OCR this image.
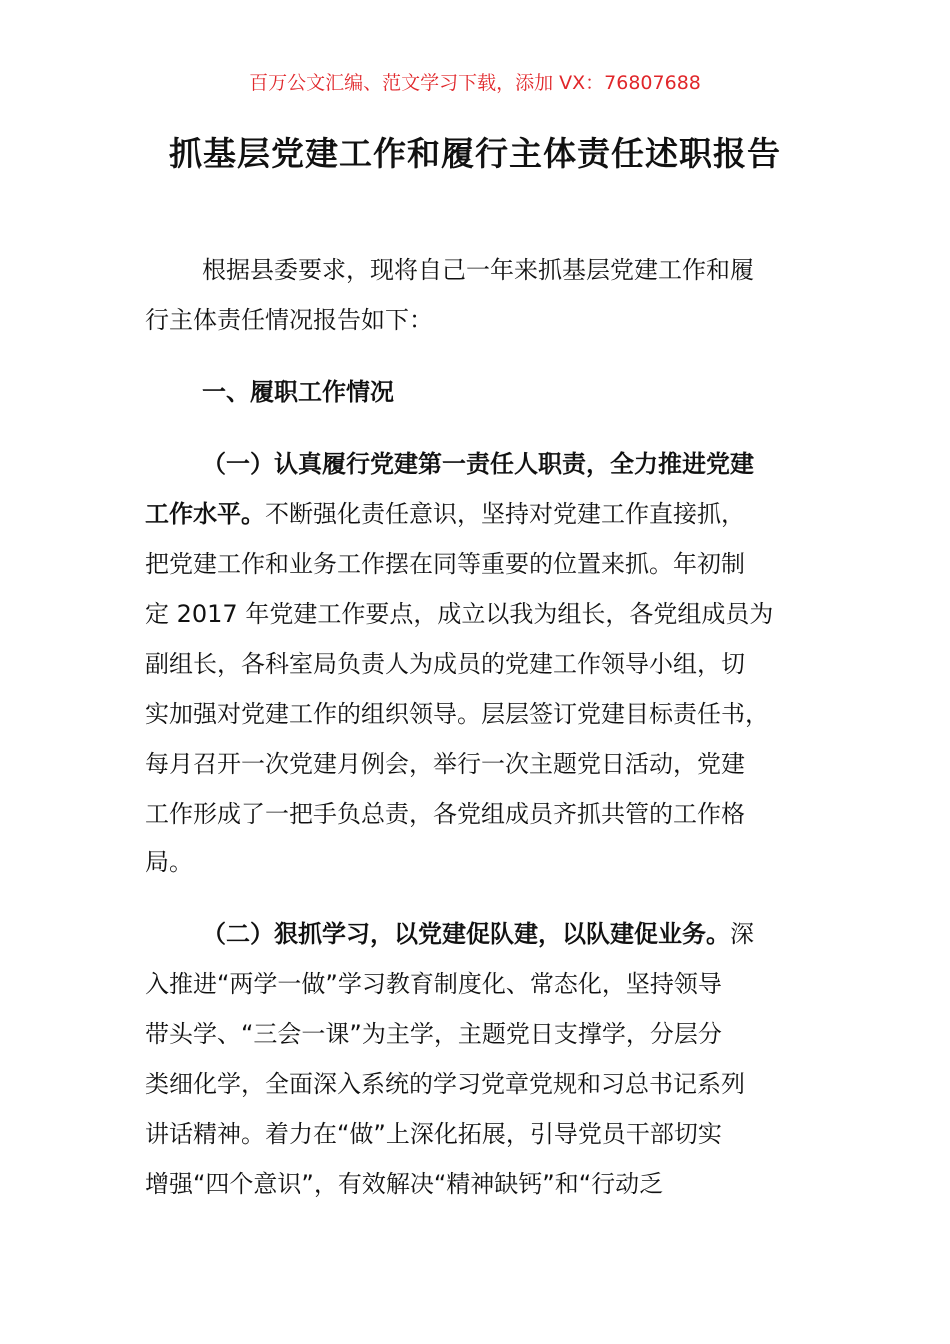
百万公文汇编、范文学习下载，添加 VX：76807688
抓基层党建工作和履行主体责任述职报告
根据县委要求，现将自己一年来抓基层党建工作和履
行主体责任情况报告如下：
一、履职工作情况
（一）认真履行党建第一责任人职责，全力推进党建
工作水平。不断强化责任意识，坚持对党建工作直接抓，
把党建工作和业务工作摆在同等重要的位置来抓。年初制
定 2017 年党建工作要点，成立以我为组长，各党组成员为
副组长，各科室局负责人为成员的党建工作领导小组，切
实加强对党建工作的组织领导。层层签订党建目标责任书，
每月召开一次党建月例会，举行一次主题党日活动，党建
工作形成了一把手负总责，各党组成员齐抓共管的工作格
局。
（二）狠抓学习，以党建促队建，以队建促业务。深
入推进“两学一做”学习教育制度化、常态化，坚持领导
带头学、“三会一课”为主学，主题党日支撑学，分层分
类细化学，全面深入系统的学习党章党规和习总书记系列
讲话精神。着力在“做”上深化拓展，引导党员干部切实
增强“四个意识”，有效解决“精神缺钙”和“行动乏
